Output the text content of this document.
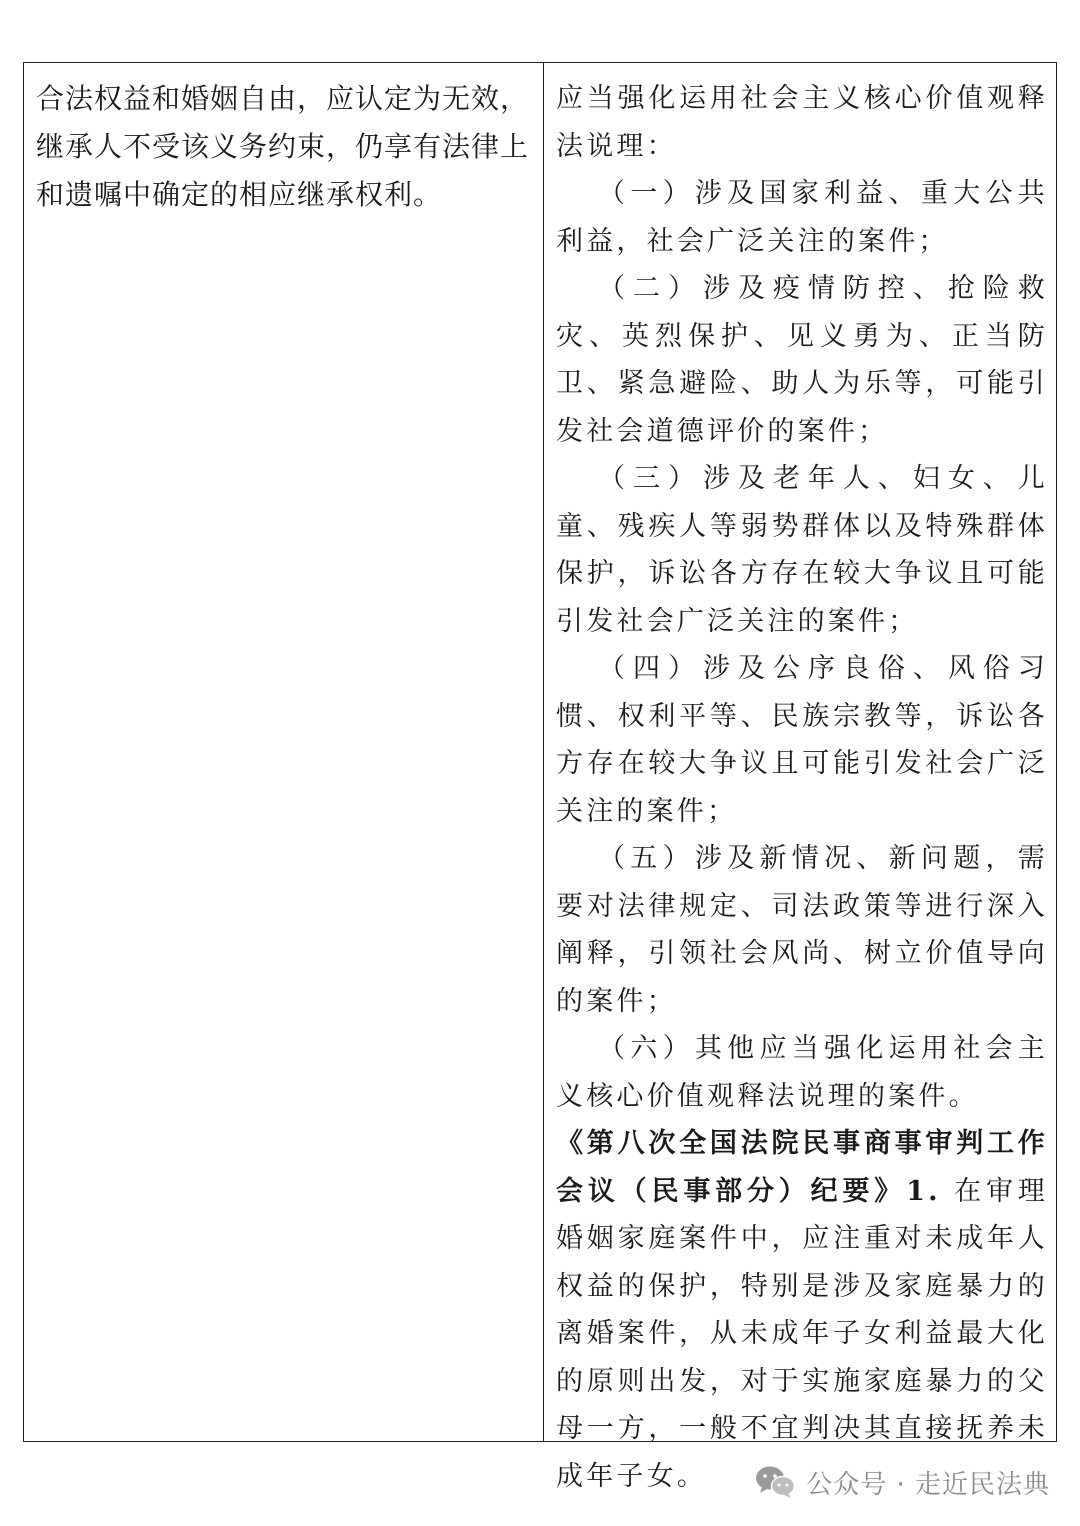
合法权益和婚姻自由，应认定为无效，继承人不受该义务约束，仍享有法律上和遗嘱中确定的相应继承权利。

应当强化运用社会主义核心价值观释法说理：

（一）涉及国家利益、重大公共利益，社会广泛关注的案件；

（二）涉及疫情防控、抢险救灾、英烈保护、见义勇为、正当防卫、紧急避险、助人为乐等，可能引发社会道德评价的案件；

（三）涉及老年人、妇女、儿童、残疾人等弱势群体以及特殊群体保护，诉讼各方存在较大争议且可能引发社会广泛关注的案件；

（四）涉及公序良俗、风俗习惯、权利平等、民族宗教等，诉讼各方存在较大争议且可能引发社会广泛关注的案件；

（五）涉及新情况、新问题，需要对法律规定、司法政策等进行深入阐释，引领社会风尚、树立价值导向的案件；

（六）其他应当强化运用社会主义核心价值观释法说理的案件。

《第八次全国法院民事商事审判工作会议（民事部分）纪要》1. 在审理婚姻家庭案件中，应注重对未成年人权益的保护，特别是涉及家庭暴力的离婚案件，从未成年子女利益最大化的原则出发，对于实施家庭暴力的父母一方，一般不宜判决其直接抚养未成年子女。	公众号 · 走近民法典
